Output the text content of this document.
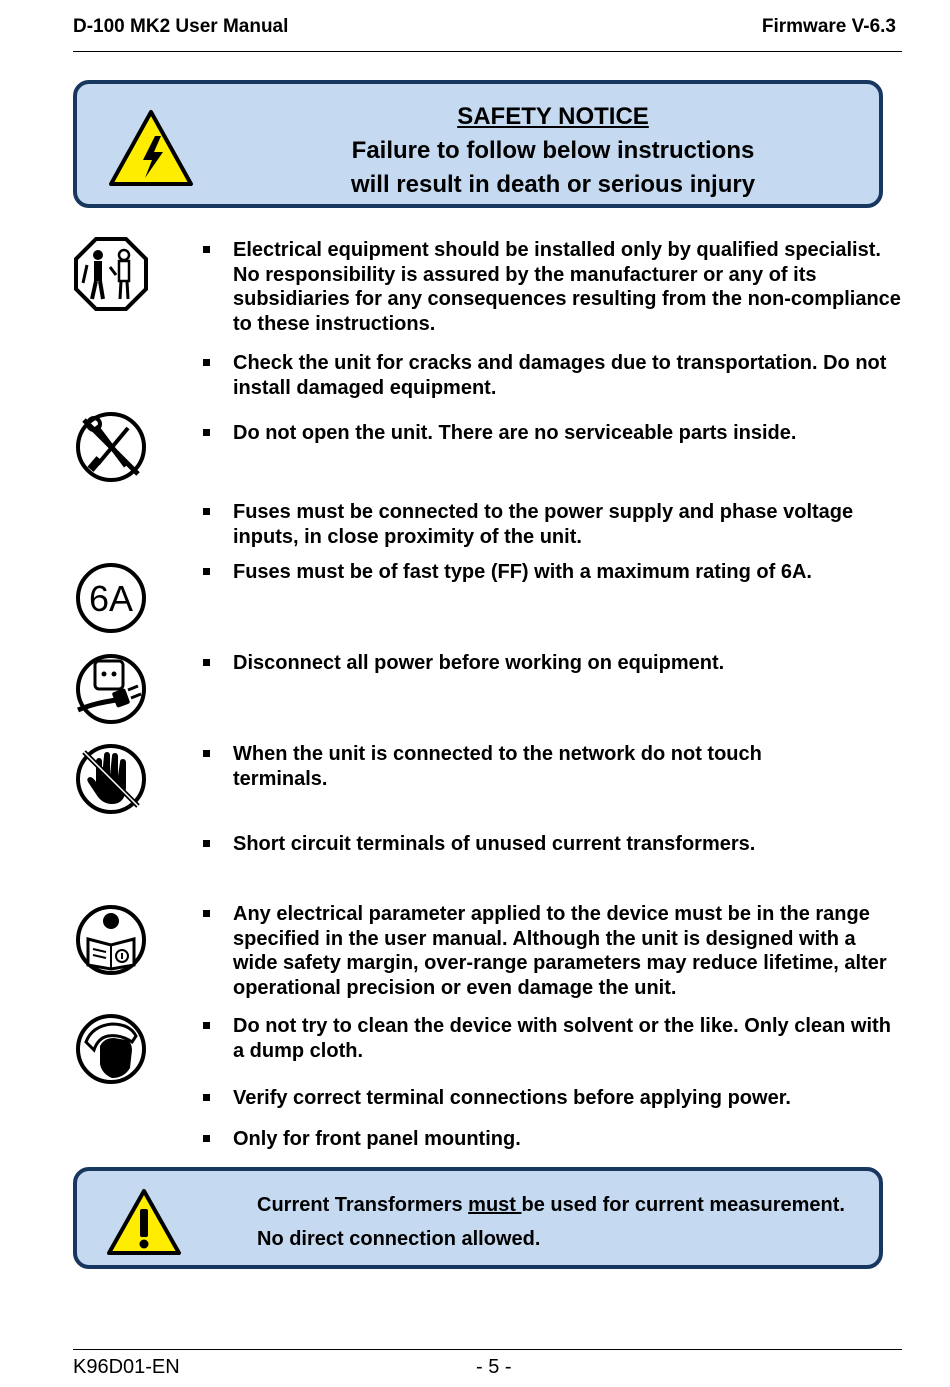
D-100 MK2 User Manual	Firmware V-6.3
SAFETY NOTICE
Failure to follow below instructions
will result in death or serious injury
6A
Electrical equipment should be installed only by qualified specialist. No responsibility is assured by the manufacturer or any of its subsidiaries for any consequences resulting from the non-compliance to these instructions.
Check the unit for cracks and damages due to transportation. Do not install damaged equipment.
Do not open the unit. There are no serviceable parts inside.
Fuses must be connected to the power supply and phase voltage inputs, in close proximity of the unit.
Fuses must be of fast type (FF) with a maximum rating of 6A.
Disconnect all power before working on equipment.
When the unit is connected to the network do not touch terminals.
Short circuit terminals of unused current transformers.
Any electrical parameter applied to the device must be in the range specified in the user manual. Although the unit is designed with a wide safety margin, over-range parameters may reduce lifetime, alter operational precision or even damage the unit.
Do not try to clean the device with solvent or the like. Only clean with a dump cloth.
Verify correct terminal connections before applying power.
Only for front panel mounting.
Current Transformers must be used for current measurement.
No direct connection allowed.
K96D01-EN	- 5 -
